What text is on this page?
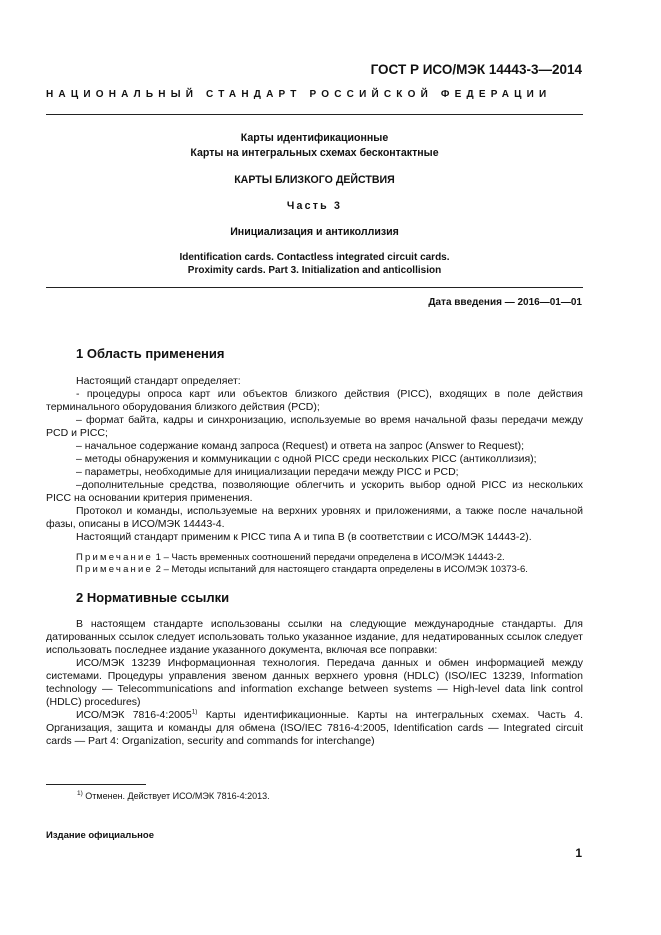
ГОСТ Р ИСО/МЭК 14443-3—2014
НАЦИОНАЛЬНЫЙ СТАНДАРТ РОССИЙСКОЙ ФЕДЕРАЦИИ
Карты идентификационные
Карты на интегральных схемах бесконтактные
КАРТЫ БЛИЗКОГО ДЕЙСТВИЯ
Часть 3
Инициализация и антиколлизия
Identification cards. Contactless integrated circuit cards.
Proximity cards. Part 3. Initialization and anticollision
Дата введения — 2016—01—01
1 Область применения

Настоящий стандарт определяет:

- процедуры опроса карт или объектов близкого действия (PICC), входящих в поле действия терминального оборудования близкого действия (PCD);

– формат байта, кадры и синхронизацию, используемые во время начальной фазы передачи между PCD и PICC;

– начальное содержание команд запроса (Request) и ответа на запрос (Answer to Request);

– методы обнаружения и коммуникации с одной PICC среди нескольких PICC (антиколлизия);

– параметры, необходимые для инициализации передачи между PICC и PCD;

–дополнительные средства, позволяющие облегчить и ускорить выбор одной PICC из нескольких PICC на основании критерия применения.

Протокол и команды, используемые на верхних уровнях и приложениями, а также после начальной фазы, описаны в ИСО/МЭК 14443-4.

Настоящий стандарт применим к PICC типа А и типа В (в соответствии с ИСО/МЭК 14443-2).

Примечание 1 – Часть временных соотношений передачи определена в ИСО/МЭК 14443-2.

Примечание 2 – Методы испытаний для настоящего стандарта определены в ИСО/МЭК 10373-6.

2 Нормативные ссылки

В настоящем стандарте использованы ссылки на следующие международные стандарты. Для датированных ссылок следует использовать только указанное издание, для недатированных ссылок следует использовать последнее издание указанного документа, включая все поправки:

ИСО/МЭК 13239 Информационная технология. Передача данных и обмен информацией между системами. Процедуры управления звеном данных верхнего уровня (HDLC) (ISO/IEC 13239, Information technology — Telecommunications and information exchange between systems — High-level data link control (HDLC) procedures)

ИСО/МЭК 7816-4:2005$^{1)}$ Карты идентификационные. Карты на интегральных схемах. Часть 4. Организация, защита и команды для обмена (ISO/IEC 7816-4:2005, Identification cards — Integrated circuit cards — Part 4: Organization, security and commands for interchange)

$^{1)}$ Отменен. Действует ИСО/МЭК 7816-4:2013.
Издание официальное
1
